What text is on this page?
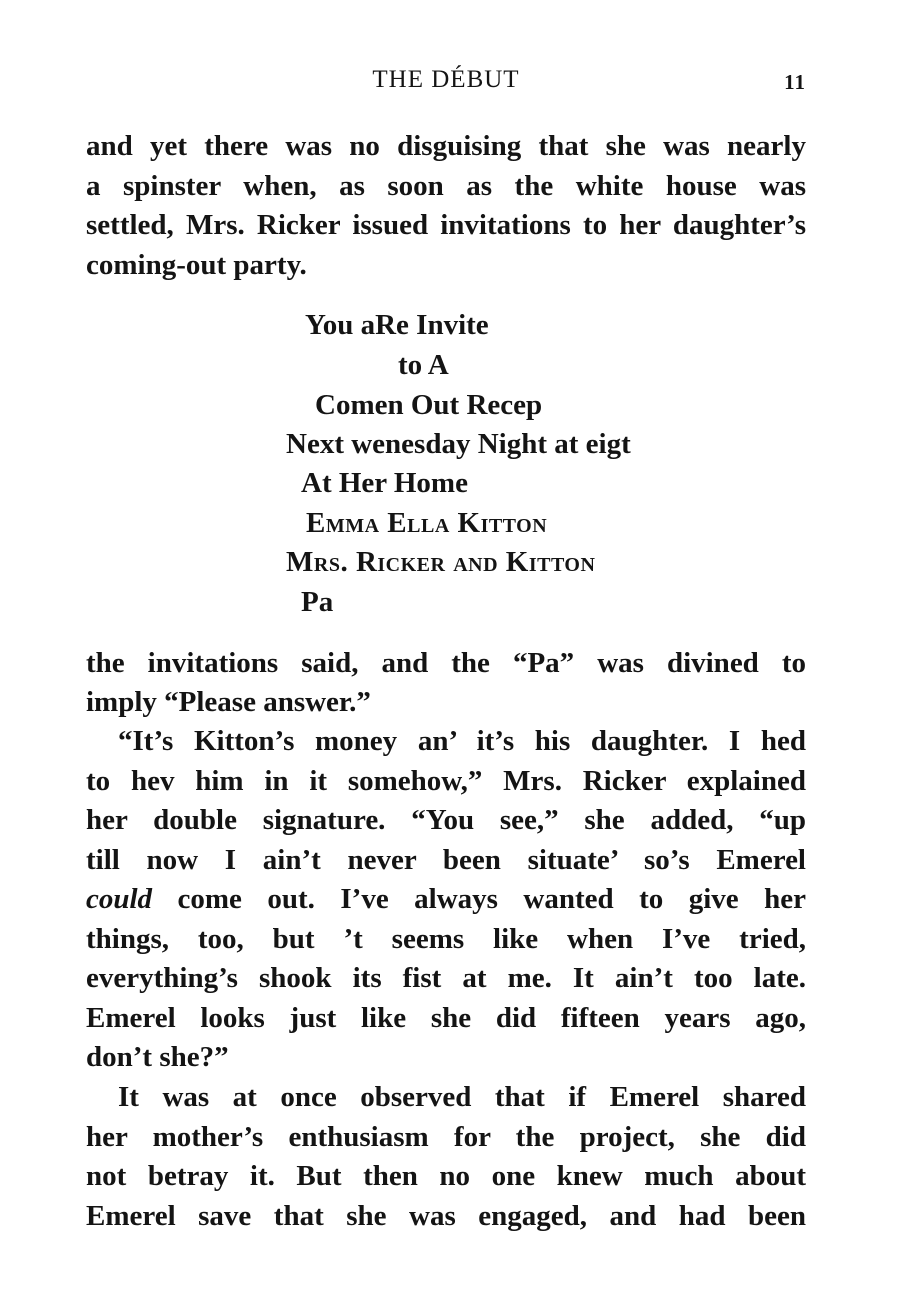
THE DÉBUT	11
and yet there was no disguising that she was nearly
a spinster when, as soon as the white house was
settled, Mrs. Ricker issued invitations to her daughter’s
coming-out party.
You aRe Invite
to A
Comen Out Recep
Next wenesday Night at eigt
At Her Home
Emma Ella Kitton
Mrs. Ricker and Kitton
Pa
the invitations said, and the “Pa” was divined to
imply “Please answer.”
“It’s Kitton’s money an’ it’s his daughter. I hed
to hev him in it somehow,” Mrs. Ricker explained
her double signature. “You see,” she added, “up
till now I ain’t never been situate’ so’s Emerel
could come out. I’ve always wanted to give her
things, too, but ’t seems like when I’ve tried,
everything’s shook its fist at me. It ain’t too late.
Emerel looks just like she did fifteen years ago,
don’t she?”
It was at once observed that if Emerel shared
her mother’s enthusiasm for the project, she did
not betray it. But then no one knew much about
Emerel save that she was engaged, and had been
